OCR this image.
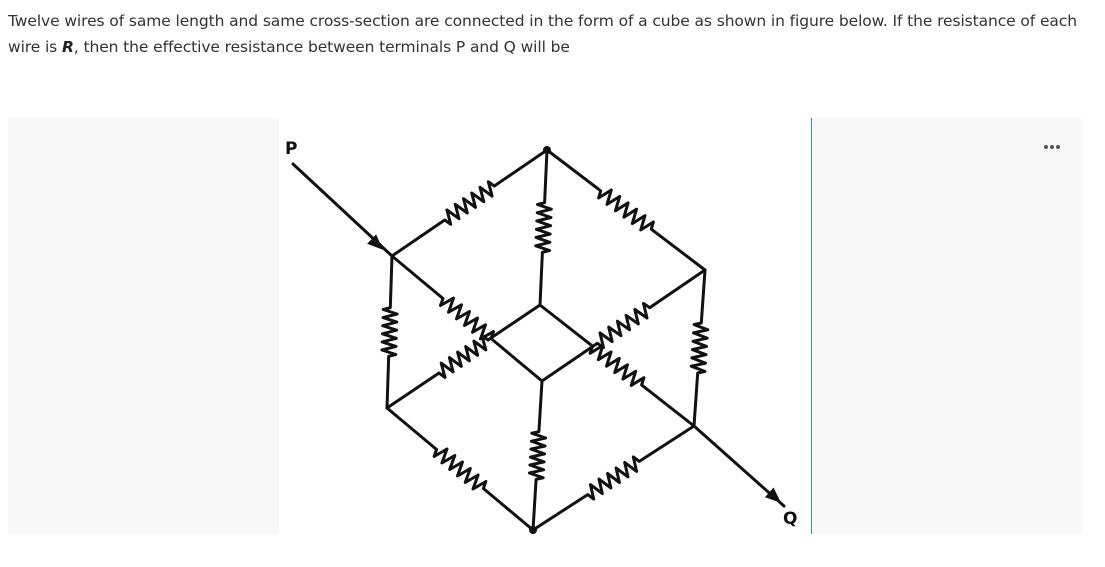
Twelve wires of same length and same cross-section are connected in the form of a cube as shown in figure below. If the resistance of each wire is R, then the effective resistance between terminals P and Q will be
P
Q
